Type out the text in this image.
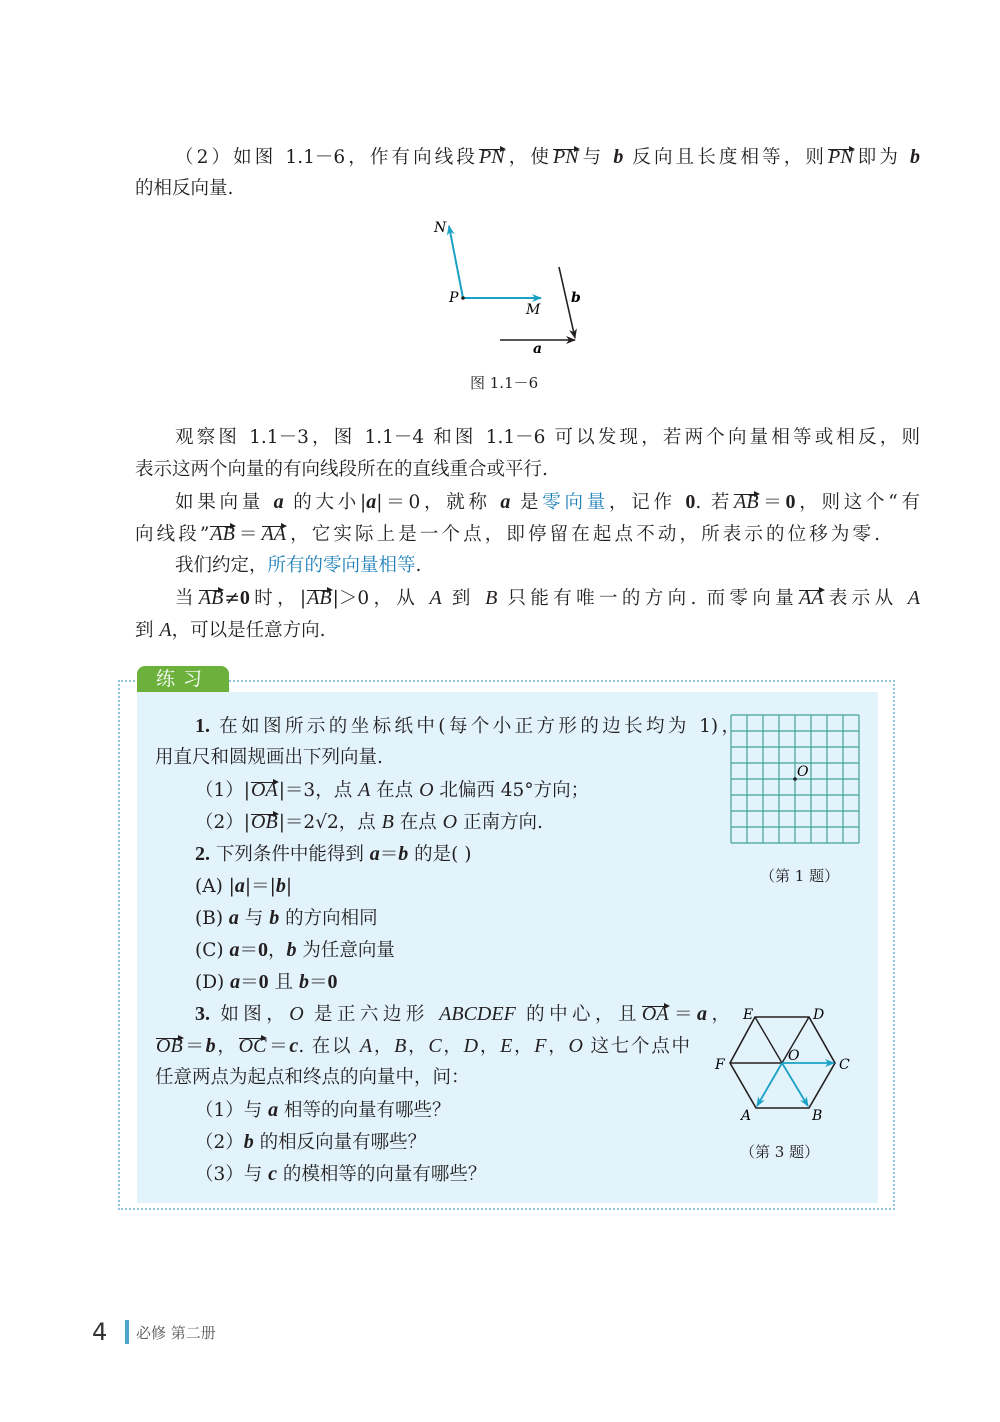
练习
N
P
M
b
a
O
E	D
F	C
O
A	B
（2）如图 1.1－6，作有向线段PN，使PN与 b 反向且长度相等，则PN即为 b
的相反向量.
图 1.1－6
观察图 1.1－3，图 1.1－4 和图 1.1－6 可以发现，若两个向量相等或相反，则
表示这两个向量的有向线段所在的直线重合或平行.
如果向量 a 的大小|a|＝0，就称 a 是零向量，记作 0. 若AB＝0，则这个“有
向线段”AB＝AA，它实际上是一个点，即停留在起点不动，所表示的位移为零.
我们约定，所有的零向量相等.
当AB≠0时，|AB|＞0，从 A 到 B 只能有唯一的方向. 而零向量AA表示从 A
到 A，可以是任意方向.
1. 在如图所示的坐标纸中(每个小正方形的边长均为 1)，
用直尺和圆规画出下列向量.
（1）|OA|＝3，点 A 在点 O 北偏西 45°方向；
（2）|OB|＝2√2，点 B 在点 O 正南方向.
2. 下列条件中能得到 a＝b 的是( )
(A) |a|＝|b|
(B) a 与 b 的方向相同
(C) a＝0，b 为任意向量
(D) a＝0 且 b＝0
3. 如图，O 是正六边形 ABCDEF 的中心，且OA＝a，
OB＝b，OC＝c. 在以 A，B，C，D，E，F，O 这七个点中
任意两点为起点和终点的向量中，问：
（1）与 a 相等的向量有哪些？
（2）b 的相反向量有哪些？
（3）与 c 的模相等的向量有哪些？
（第 1 题）
（第 3 题）
4 必修 第二册
